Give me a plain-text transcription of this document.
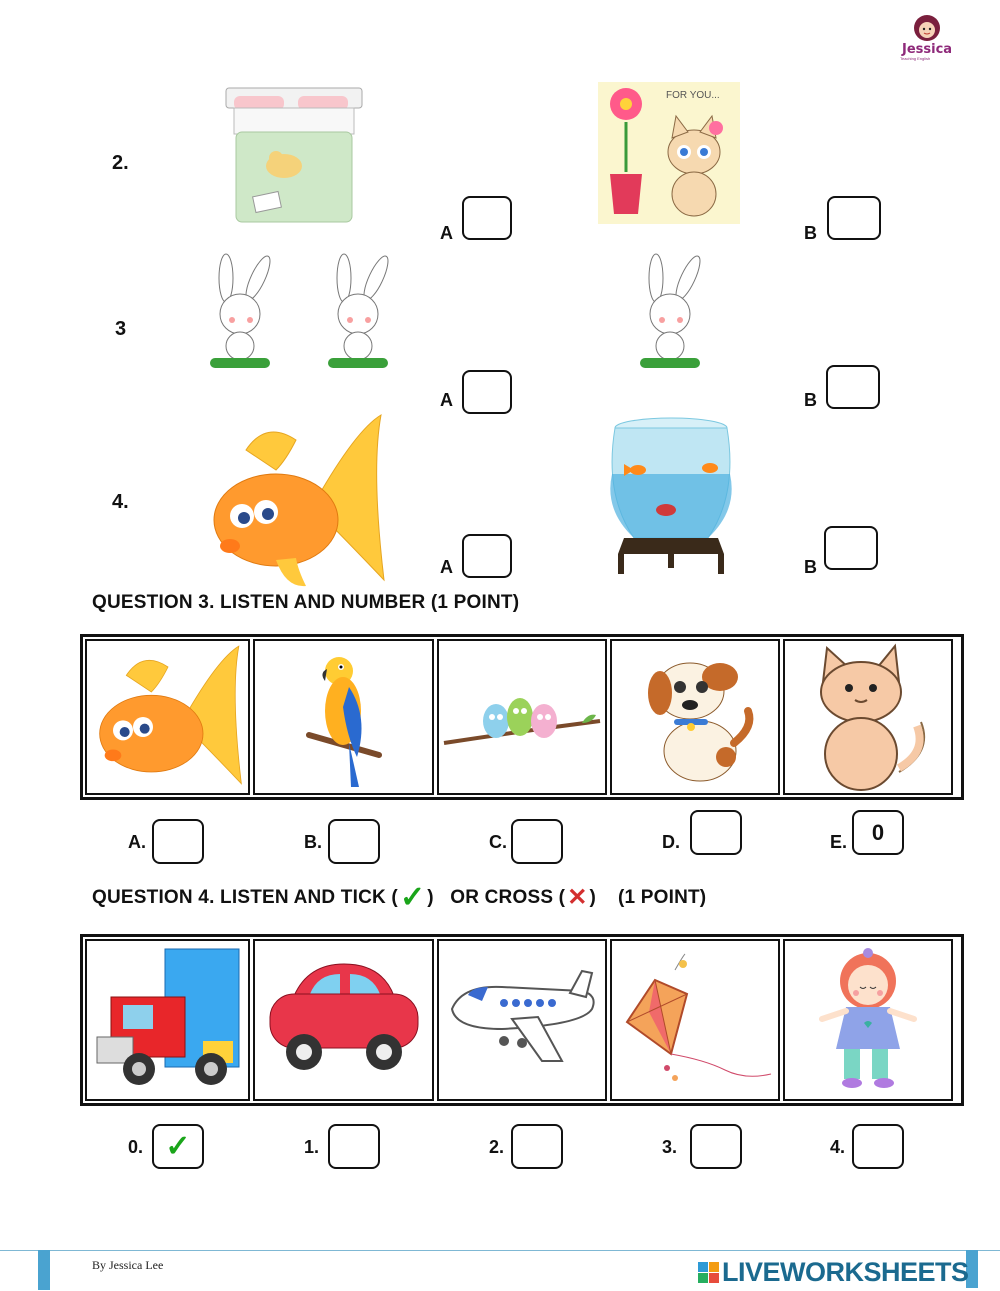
Jessica
Teaching English
2.
A
FOR YOU...
B
3
A	B
4.
A	B
QUESTION 3. LISTEN AND NUMBER (1 POINT)
A.	B.	C.	D.	E.	0
QUESTION 4. LISTEN AND TICK ( ✓ )   OR CROSS ( ✕ )    (1 POINT)
0. ✓	1.	2.	3.	4.
By Jessica Lee	LIVEWORKSHEETS
